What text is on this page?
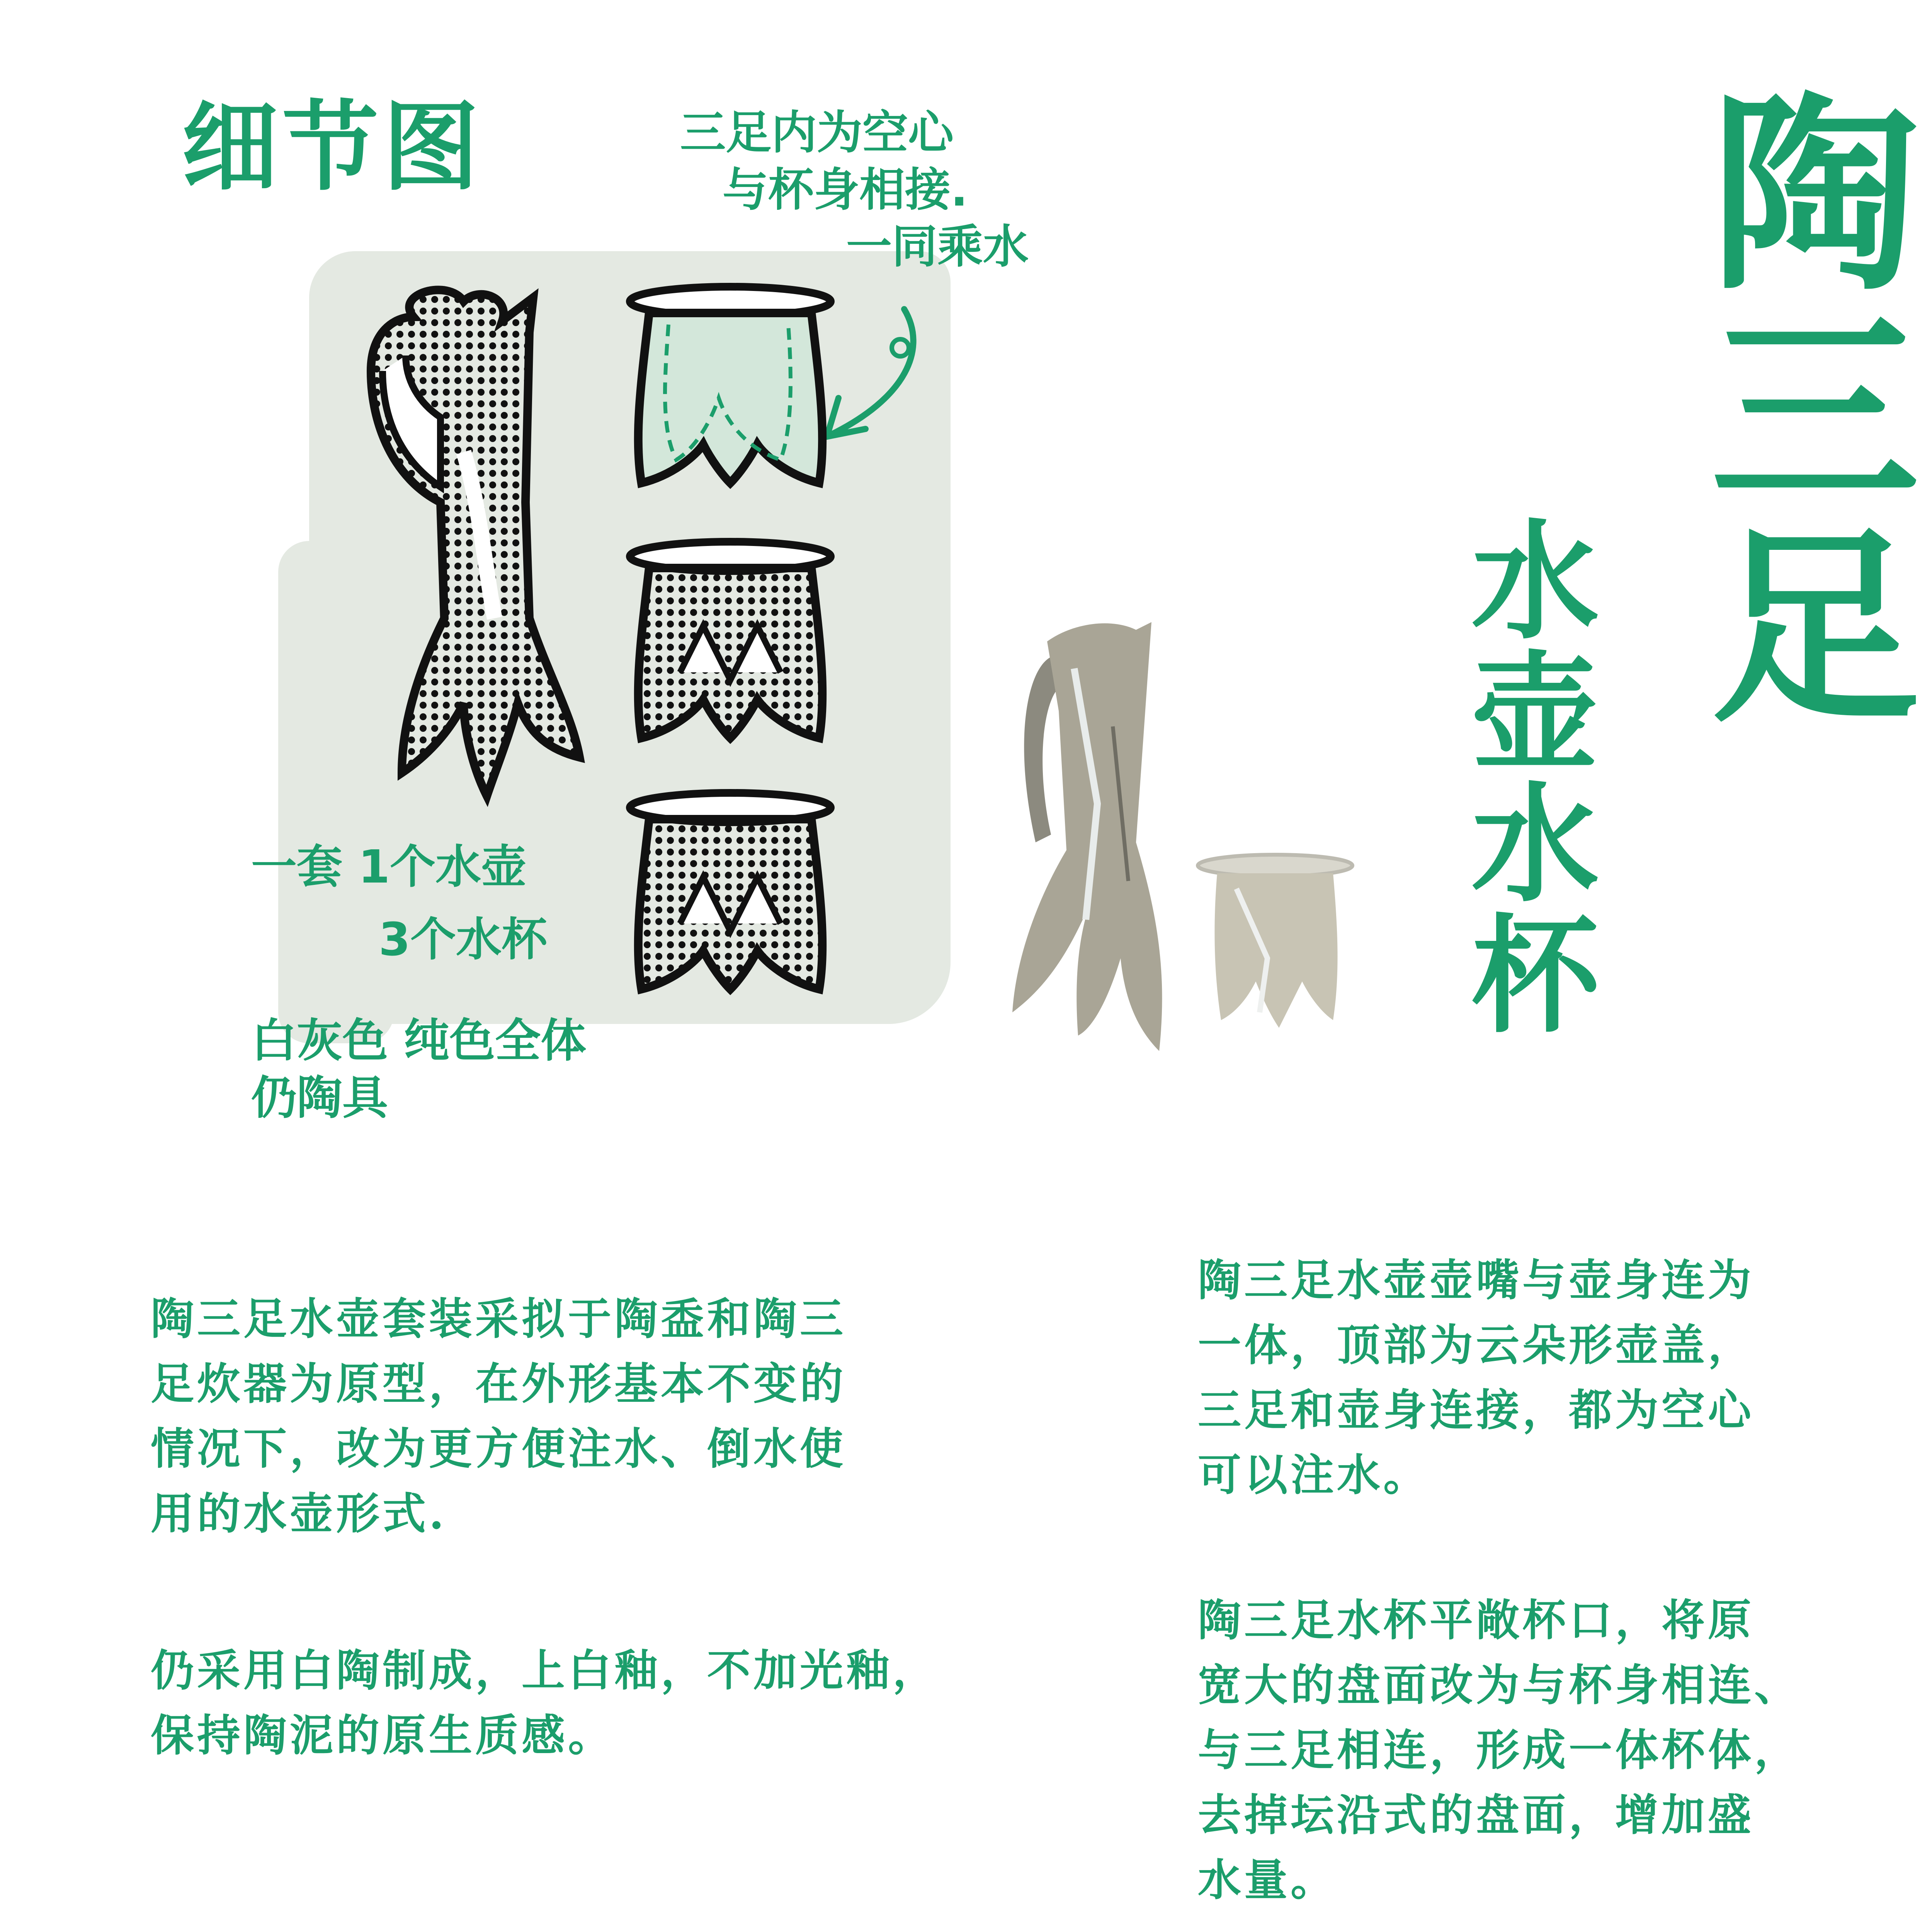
陶三足
水壶水杯
细节图	三足内为空心
与杯身相接.
一同乘水
一套 1个水壶
3个水杯
白灰色 纯色全体
仍陶具
陶三足水壶套装采拟于陶盉和陶三
足炊器为原型，在外形基本不变的
情况下，改为更方便注水、倒水使
用的水壶形式.
仍采用白陶制成，上白釉，不加光釉，
保持陶泥的原生质感。
陶三足水壶壶嘴与壶身连为
一体，顶部为云朵形壶盖，
三足和壶身连接，都为空心
可以注水。
陶三足水杯平敞杯口，将原
宽大的盘面改为与杯身相连、
与三足相连，形成一体杯体，
去掉坛沿式的盘面，增加盛
水量。
